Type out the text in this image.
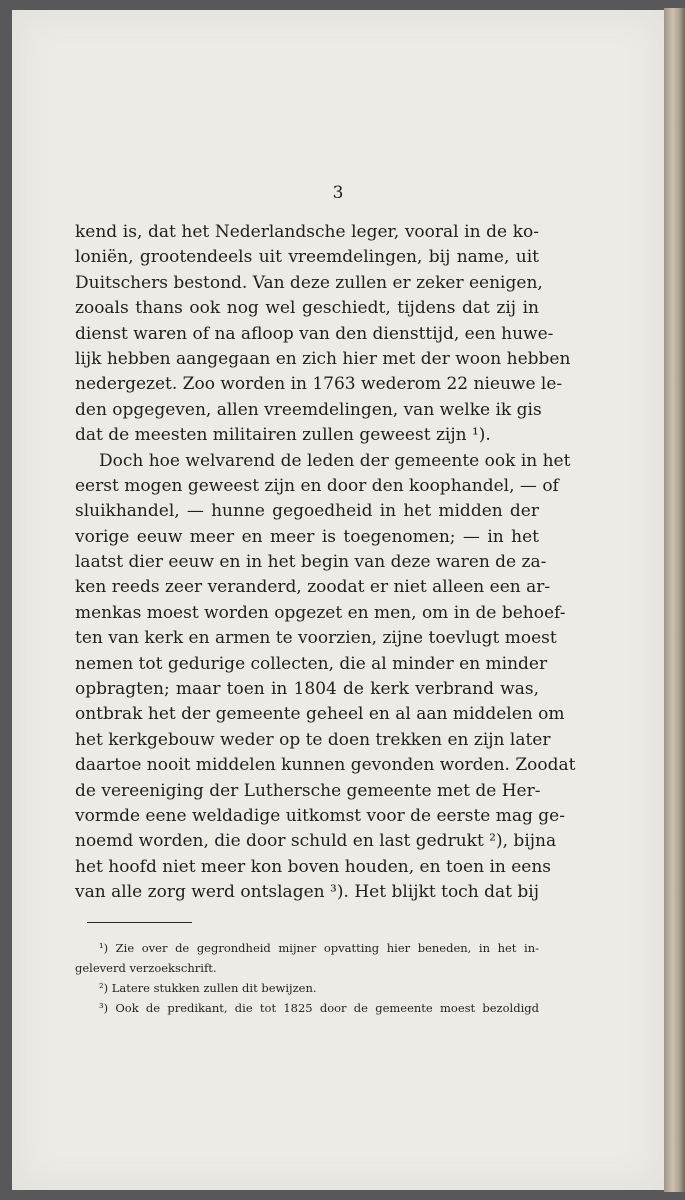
3
kend is, dat het Nederlandsche leger, vooral in de ko-
loniën, grootendeels uit vreemdelingen, bij name, uit
Duitschers bestond. Van deze zullen er zeker eenigen,
zooals thans ook nog wel geschiedt, tijdens dat zij in
dienst waren of na afloop van den diensttijd, een huwe-
lijk hebben aangegaan en zich hier met der woon hebben
nedergezet. Zoo worden in 1763 wederom 22 nieuwe le-
den opgegeven, allen vreemdelingen, van welke ik gis
dat de meesten militairen zullen geweest zijn ¹).
Doch hoe welvarend de leden der gemeente ook in het
eerst mogen geweest zijn en door den koophandel, — of
sluikhandel, — hunne gegoedheid in het midden der
vorige eeuw meer en meer is toegenomen; — in het
laatst dier eeuw en in het begin van deze waren de za-
ken reeds zeer veranderd, zoodat er niet alleen een ar-
menkas moest worden opgezet en men, om in de behoef-
ten van kerk en armen te voorzien, zijne toevlugt moest
nemen tot gedurige collecten, die al minder en minder
opbragten; maar toen in 1804 de kerk verbrand was,
ontbrak het der gemeente geheel en al aan middelen om
het kerkgebouw weder op te doen trekken en zijn later
daartoe nooit middelen kunnen gevonden worden. Zoodat
de vereeniging der Luthersche gemeente met de Her-
vormde eene weldadige uitkomst voor de eerste mag ge-
noemd worden, die door schuld en last gedrukt ²), bijna
het hoofd niet meer kon boven houden, en toen in eens
van alle zorg werd ontslagen ³). Het blijkt toch dat bij
¹) Zie over de gegrondheid mijner opvatting hier beneden, in het in-
geleverd verzoekschrift.
²) Latere stukken zullen dit bewijzen.
³) Ook de predikant, die tot 1825 door de gemeente moest bezoldigd
